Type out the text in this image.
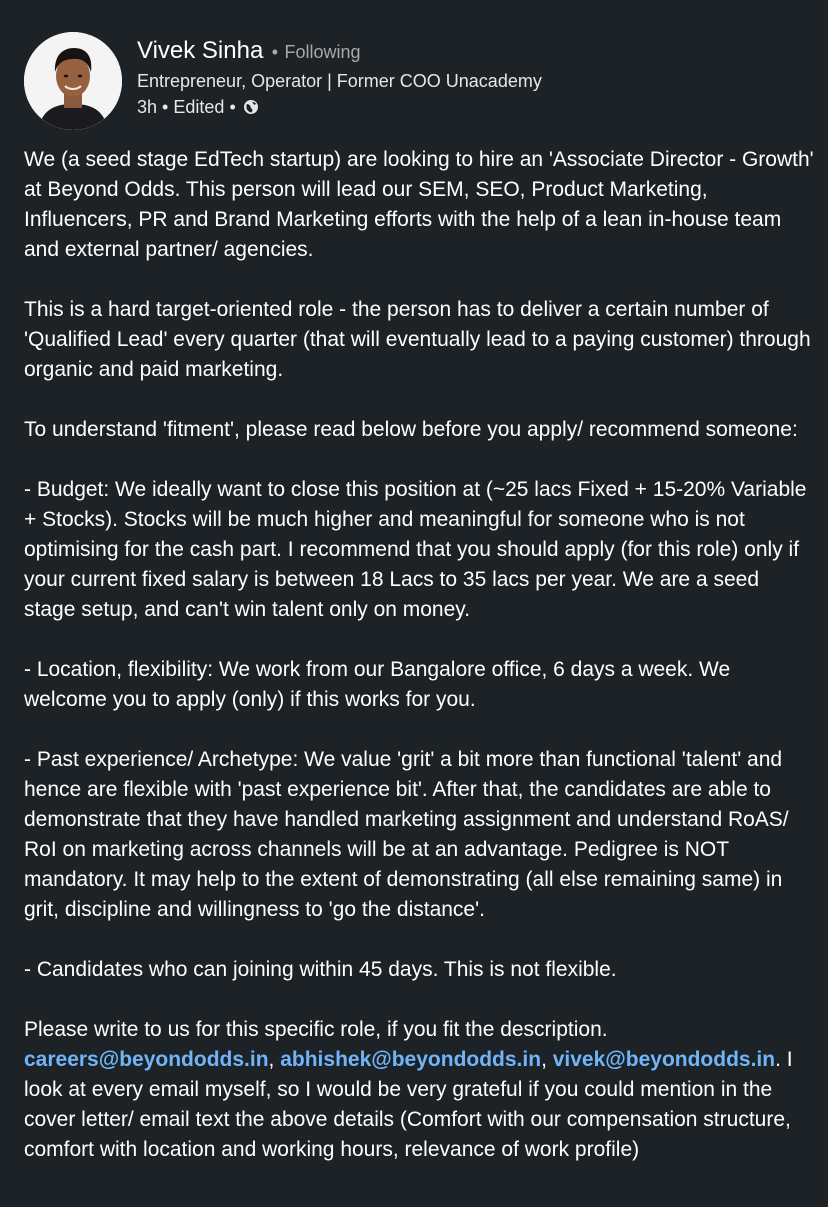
Vivek Sinha • Following
Entrepreneur, Operator | Former COO Unacademy
3h • Edited •

We (a seed stage EdTech startup) are looking to hire an 'Associate Director - Growth' at Beyond Odds. This person will lead our SEM, SEO, Product Marketing, Influencers, PR and Brand Marketing efforts with the help of a lean in-house team and external partner/ agencies.

This is a hard target-oriented role - the person has to deliver a certain number of 'Qualified Lead' every quarter (that will eventually lead to a paying customer) through organic and paid marketing.

To understand 'fitment', please read below before you apply/ recommend someone:

- Budget: We ideally want to close this position at (~25 lacs Fixed + 15-20% Variable + Stocks). Stocks will be much higher and meaningful for someone who is not optimising for the cash part. I recommend that you should apply (for this role) only if your current fixed salary is between 18 Lacs to 35 lacs per year. We are a seed stage setup, and can't win talent only on money.

- Location, flexibility: We work from our Bangalore office, 6 days a week. We welcome you to apply (only) if this works for you.

- Past experience/ Archetype: We value 'grit' a bit more than functional 'talent' and hence are flexible with 'past experience bit'. After that, the candidates are able to demonstrate that they have handled marketing assignment and understand RoAS/ RoI on marketing across channels will be at an advantage. Pedigree is NOT mandatory. It may help to the extent of demonstrating (all else remaining same) in grit, discipline and willingness to 'go the distance'.

- Candidates who can joining within 45 days. This is not flexible.

Please write to us for this specific role, if you fit the description.
careers@beyondodds.in, abhishek@beyondodds.in, vivek@beyondodds.in. I look at every email myself, so I would be very grateful if you could mention in the cover letter/ email text the above details (Comfort with our compensation structure, comfort with location and working hours, relevance of work profile)
